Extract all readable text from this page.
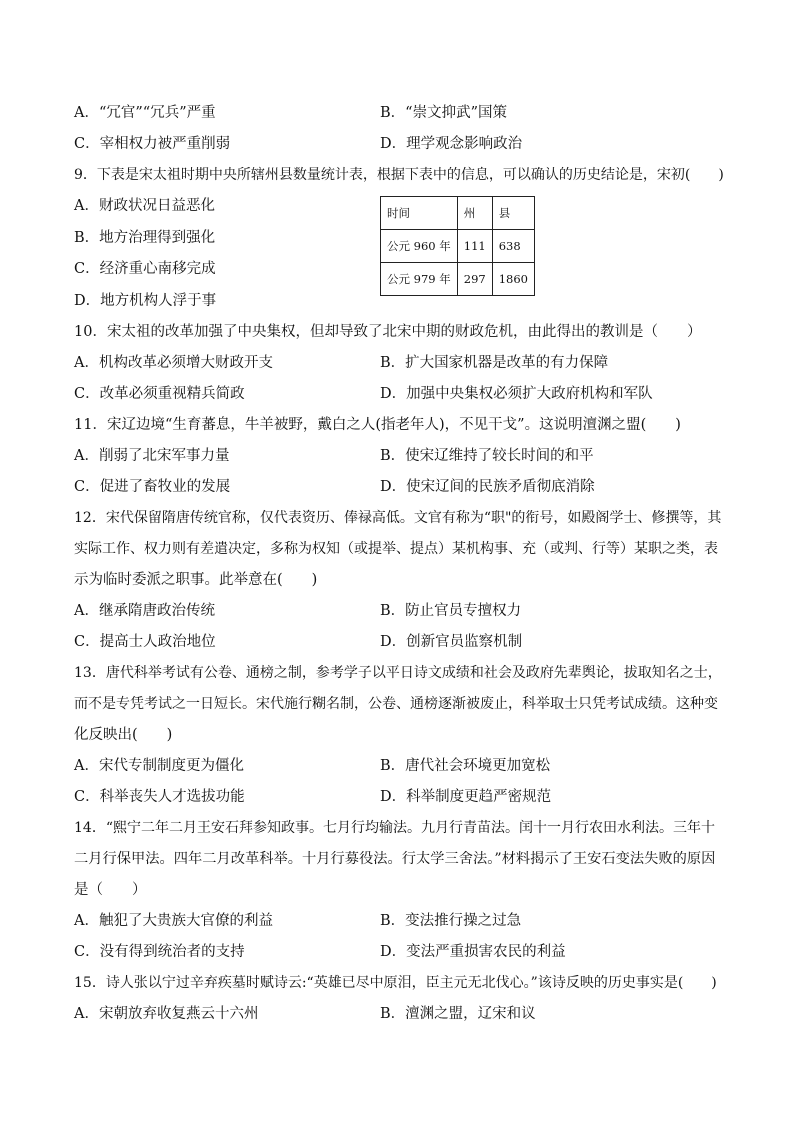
A．“冗官”“冗兵”严重	B．“崇文抑武”国策
C．宰相权力被严重削弱	D．理学观念影响政治
9．下表是宋太祖时期中央所辖州县数量统计表，根据下表中的信息，可以确认的历史结论是，宋初(　　)
A．财政状况日益恶化
B．地方治理得到强化
C．经济重心南移完成
D．地方机构人浮于事
时间	州	县
公元 960 年	111	638
公元 979 年	297	1860
10．宋太祖的改革加强了中央集权，但却导致了北宋中期的财政危机，由此得出的教训是（　　）
A．机构改革必须增大财政开支	B．扩大国家机器是改革的有力保障
C．改革必须重视精兵简政	D．加强中央集权必须扩大政府机构和军队
11．宋辽边境“生育蕃息，牛羊被野，戴白之人(指老年人)，不见干戈”。这说明澶渊之盟(　　)
A．削弱了北宋军事力量	B．使宋辽维持了较长时间的和平
C．促进了畜牧业的发展	D．使宋辽间的民族矛盾彻底消除
12．宋代保留隋唐传统官称，仅代表资历、俸禄高低。文官有称为“职"的衔号，如殿阁学士、修撰等，其
实际工作、权力则有差遣决定，多称为权知（或提举、提点）某机构事、充（或判、行等）某职之类，表
示为临时委派之职事。此举意在(　　)
A．继承隋唐政治传统	B．防止官员专擅权力
C．提高士人政治地位	D．创新官员监察机制
13．唐代科举考试有公卷、通榜之制，参考学子以平日诗文成绩和社会及政府先辈舆论，拔取知名之士，
而不是专凭考试之一日短长。宋代施行糊名制，公卷、通榜逐渐被废止，科举取士只凭考试成绩。这种变
化反映出(　　)
A．宋代专制制度更为僵化	B．唐代社会环境更加宽松
C．科举丧失人才选拔功能	D．科举制度更趋严密规范
14．“熙宁二年二月王安石拜参知政事。七月行均输法。九月行青苗法。闰十一月行农田水利法。三年十
二月行保甲法。四年二月改革科举。十月行募役法。行太学三舍法。”材料揭示了王安石变法失败的原因
是（　　）
A．触犯了大贵族大官僚的利益	B．变法推行操之过急
C．没有得到统治者的支持	D．变法严重损害农民的利益
15．诗人张以宁过辛弃疾墓时赋诗云:“英雄已尽中原泪，臣主元无北伐心。”该诗反映的历史事实是(　　)
A．宋朝放弃收复燕云十六州	B．澶渊之盟，辽宋和议
